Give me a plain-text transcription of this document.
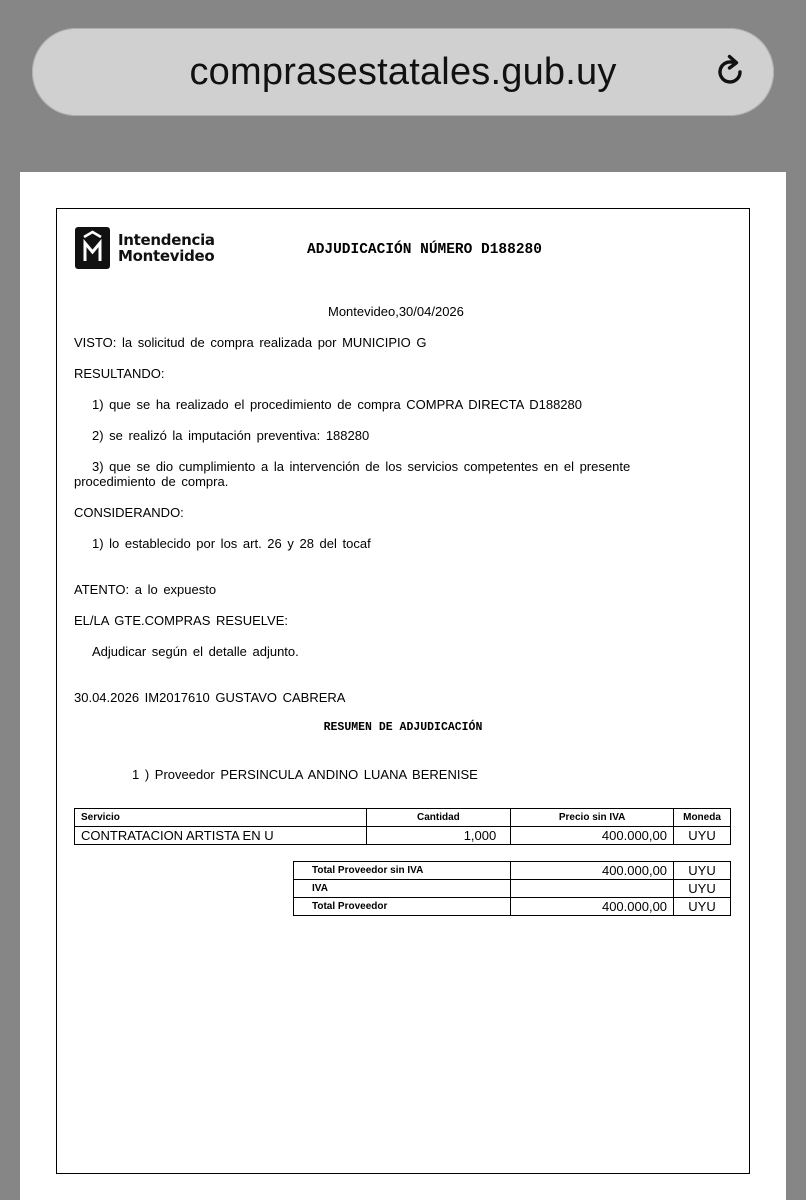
comprasestatales.gub.uy
Intendencia
Montevideo	ADJUDICACIÓN NÚMERO D188280
Montevideo,30/04/2026
VISTO: la solicitud de compra realizada por MUNICIPIO G
RESULTANDO:
1) que se ha realizado el procedimiento de compra COMPRA DIRECTA D188280
2) se realizó la imputación preventiva: 188280
3) que se dio cumplimiento a la intervención de los servicios competentes en el presente
procedimiento de compra.
CONSIDERANDO:
1) lo establecido por los art. 26 y 28 del tocaf
ATENTO: a lo expuesto
EL/LA GTE.COMPRAS RESUELVE:
Adjudicar según el detalle adjunto.
30.04.2026 IM2017610 GUSTAVO CABRERA
RESUMEN DE ADJUDICACIÓN
1 ) Proveedor PERSINCULA ANDINO LUANA BERENISE
Servicio	Cantidad	Precio sin IVA	Moneda
CONTRATACION ARTISTA EN U	1,000	400.000,00	UYU
Total Proveedor sin IVA	400.000,00	UYU
IVA		UYU
Total Proveedor	400.000,00	UYU
